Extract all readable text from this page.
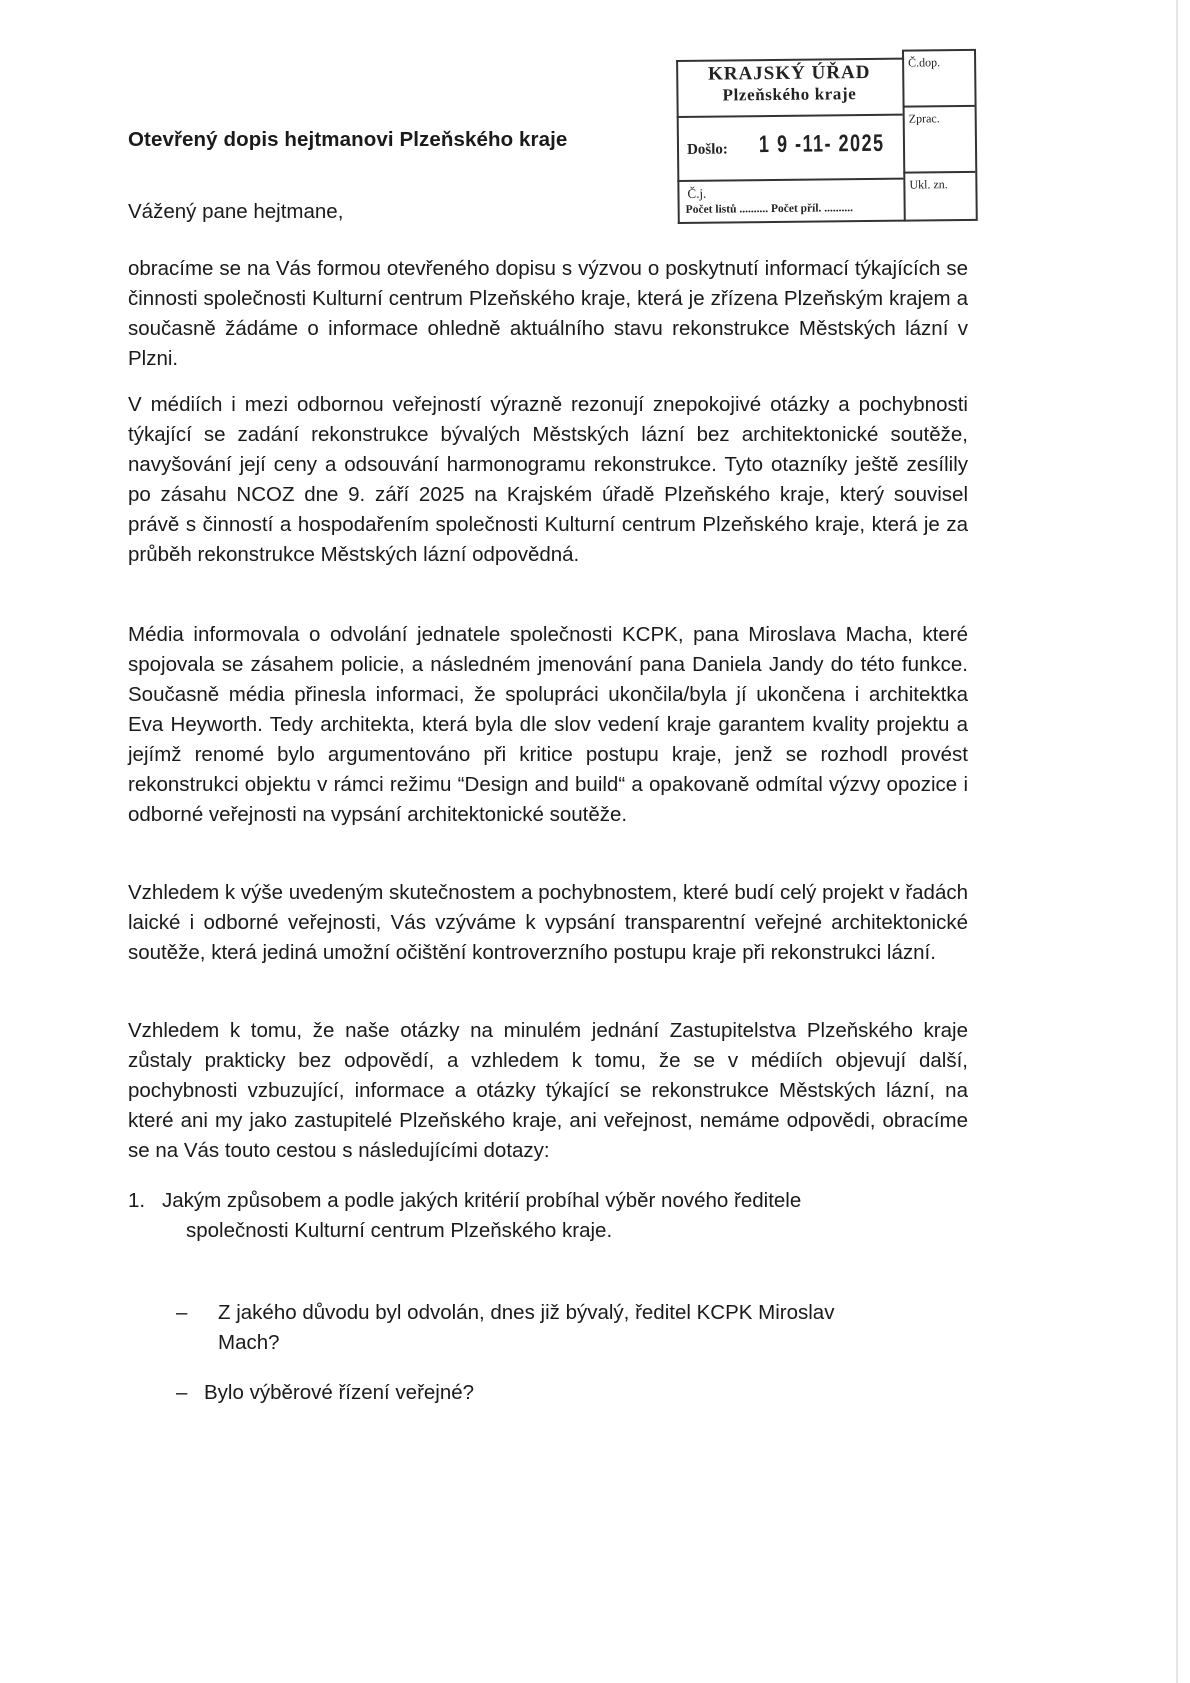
Otevřený dopis hejtmanovi Plzeňského kraje
KRAJSKÝ ÚŘAD
Plzeňského kraje
Došlo: 1 9 -11- 2025
Č.j.
Počet listů .......... Počet příl. ..........
Č.dop.
Zprac.
Ukl. zn.
Vážený pane hejtmane,
obracíme se na Vás formou otevřeného dopisu s výzvou o poskytnutí informací týkajících se činnosti společnosti Kulturní centrum Plzeňského kraje, která je zřízena Plzeňským krajem a současně žádáme o informace ohledně aktuálního stavu rekonstrukce Městských lázní v Plzni.
V médiích i mezi odbornou veřejností výrazně rezonují znepokojivé otázky a pochybnosti týkající se zadání rekonstrukce bývalých Městských lázní bez architektonické soutěže, navyšování její ceny a odsouvání harmonogramu rekonstrukce. Tyto otazníky ještě zesílily po zásahu NCOZ dne 9. září 2025 na Krajském úřadě Plzeňského kraje, který souvisel právě s činností a hospodařením společnosti Kulturní centrum Plzeňského kraje, která je za průběh rekonstrukce Městských lázní odpovědná.
Média informovala o odvolání jednatele společnosti KCPK, pana Miroslava Macha, které spojovala se zásahem policie, a následném jmenování pana Daniela Jandy do této funkce. Současně média přinesla informaci, že spolupráci ukončila/byla jí ukončena i architektka Eva Heyworth. Tedy architekta, která byla dle slov vedení kraje garantem kvality projektu a jejímž renomé bylo argumentováno při kritice postupu kraje, jenž se rozhodl provést rekonstrukci objektu v rámci režimu “Design and build“ a opakovaně odmítal výzvy opozice i odborné veřejnosti na vypsání architektonické soutěže.
Vzhledem k výše uvedeným skutečnostem a pochybnostem, které budí celý projekt v řadách laické i odborné veřejnosti, Vás vzýváme k vypsání transparentní veřejné architektonické soutěže, která jediná umožní očištění kontroverzního postupu kraje při rekonstrukci lázní.
Vzhledem k tomu, že naše otázky na minulém jednání Zastupitelstva Plzeňského kraje zůstaly prakticky bez odpovědí, a vzhledem k tomu, že se v médiích objevují další, pochybnosti vzbuzující, informace a otázky týkající se rekonstrukce Městských lázní, na které ani my jako zastupitelé Plzeňského kraje, ani veřejnost, nemáme odpovědi, obracíme se na Vás touto cestou s následujícími dotazy:
1. Jakým způsobem a podle jakých kritérií probíhal výběr nového ředitele
společnosti Kulturní centrum Plzeňského kraje.
– Z jakého důvodu byl odvolán, dnes již bývalý, ředitel KCPK Miroslav
Mach?
– Bylo výběrové řízení veřejné?
